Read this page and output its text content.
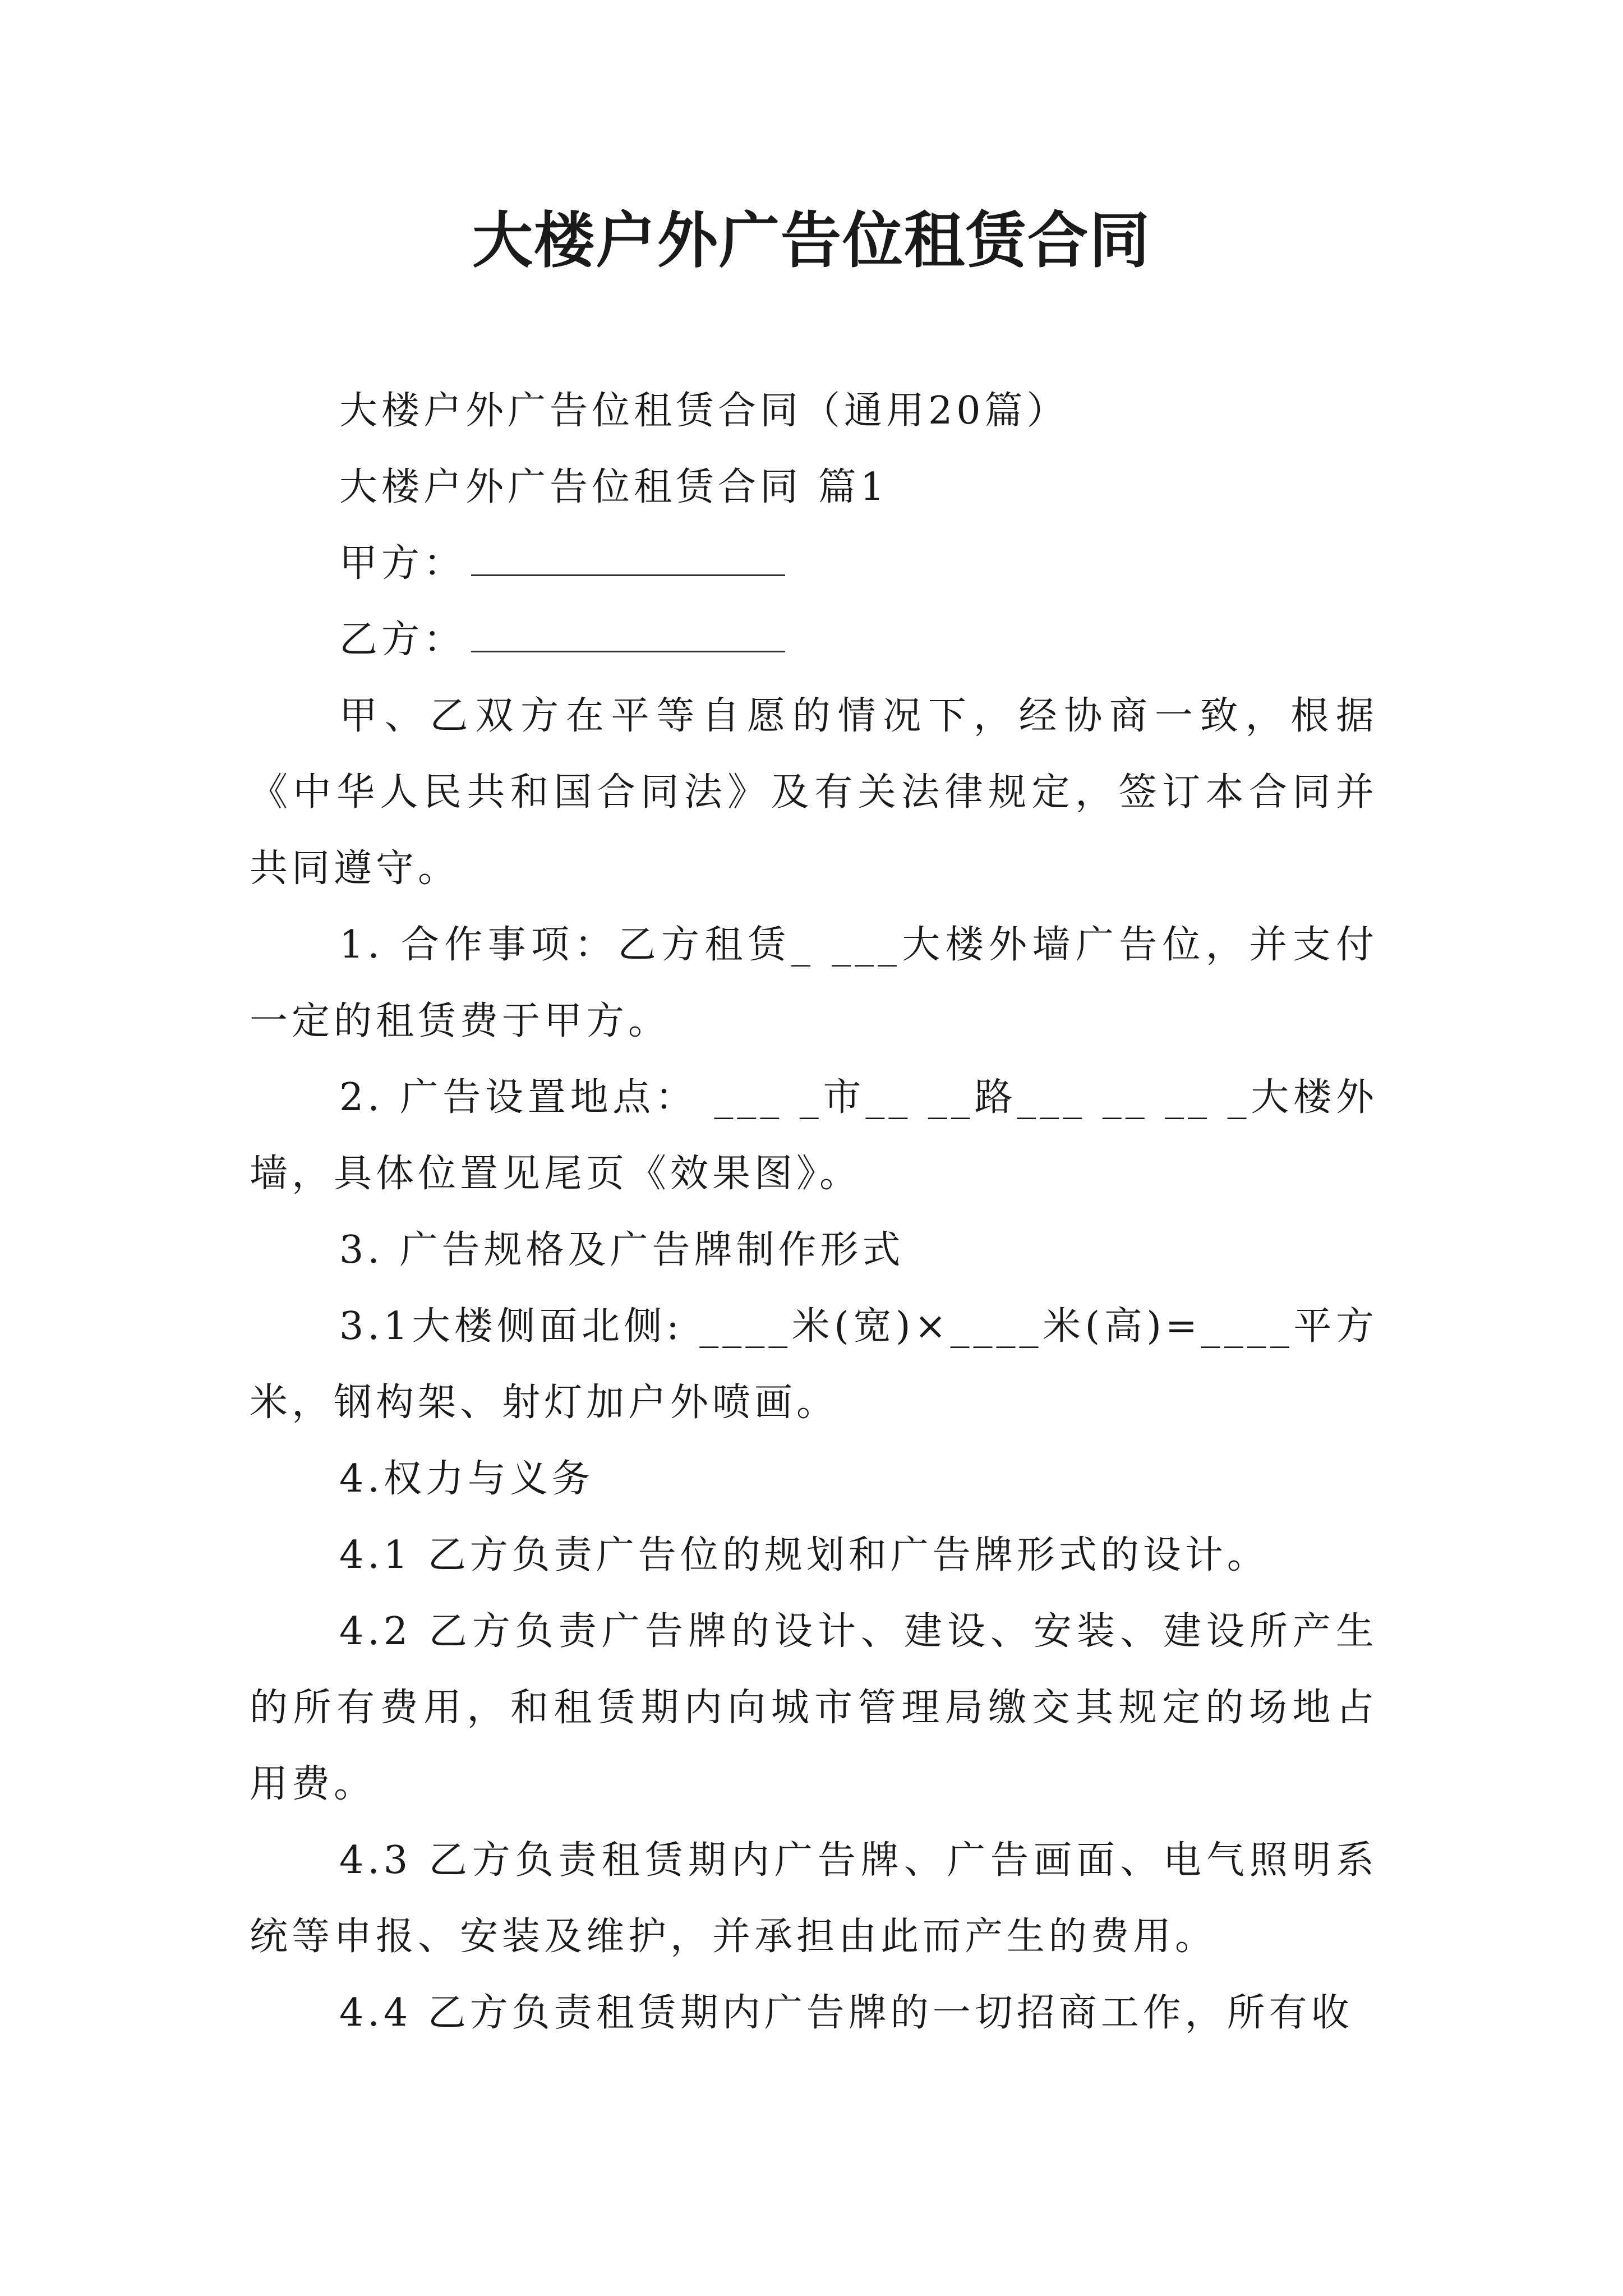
大楼户外广告位租赁合同

大楼户外广告位租赁合同（通用20篇）

大楼户外广告位租赁合同 篇1

甲方：

乙方：

甲、乙双方在平等自愿的情况下，经协商一致，根据《中华人民共和国合同法》及有关法律规定，签订本合同并共同遵守。

1. 合作事项：乙方租赁_ ___大楼外墙广告位，并支付一定的租赁费于甲方。

2. 广告设置地点： ___ _市__ __路___ __ __ _大楼外墙，具体位置见尾页《效果图》。

3. 广告规格及广告牌制作形式

3.1大楼侧面北侧: ____米(宽)×____米(高)=____平方米，钢构架、射灯加户外喷画。

4.权力与义务

4.1 乙方负责广告位的规划和广告牌形式的设计。

4.2 乙方负责广告牌的设计、建设、安装、建设所产生的所有费用，和租赁期内向城市管理局缴交其规定的场地占用费。

4.3 乙方负责租赁期内广告牌、广告画面、电气照明系统等申报、安装及维护，并承担由此而产生的费用。

4.4 乙方负责租赁期内广告牌的一切招商工作，所有收
